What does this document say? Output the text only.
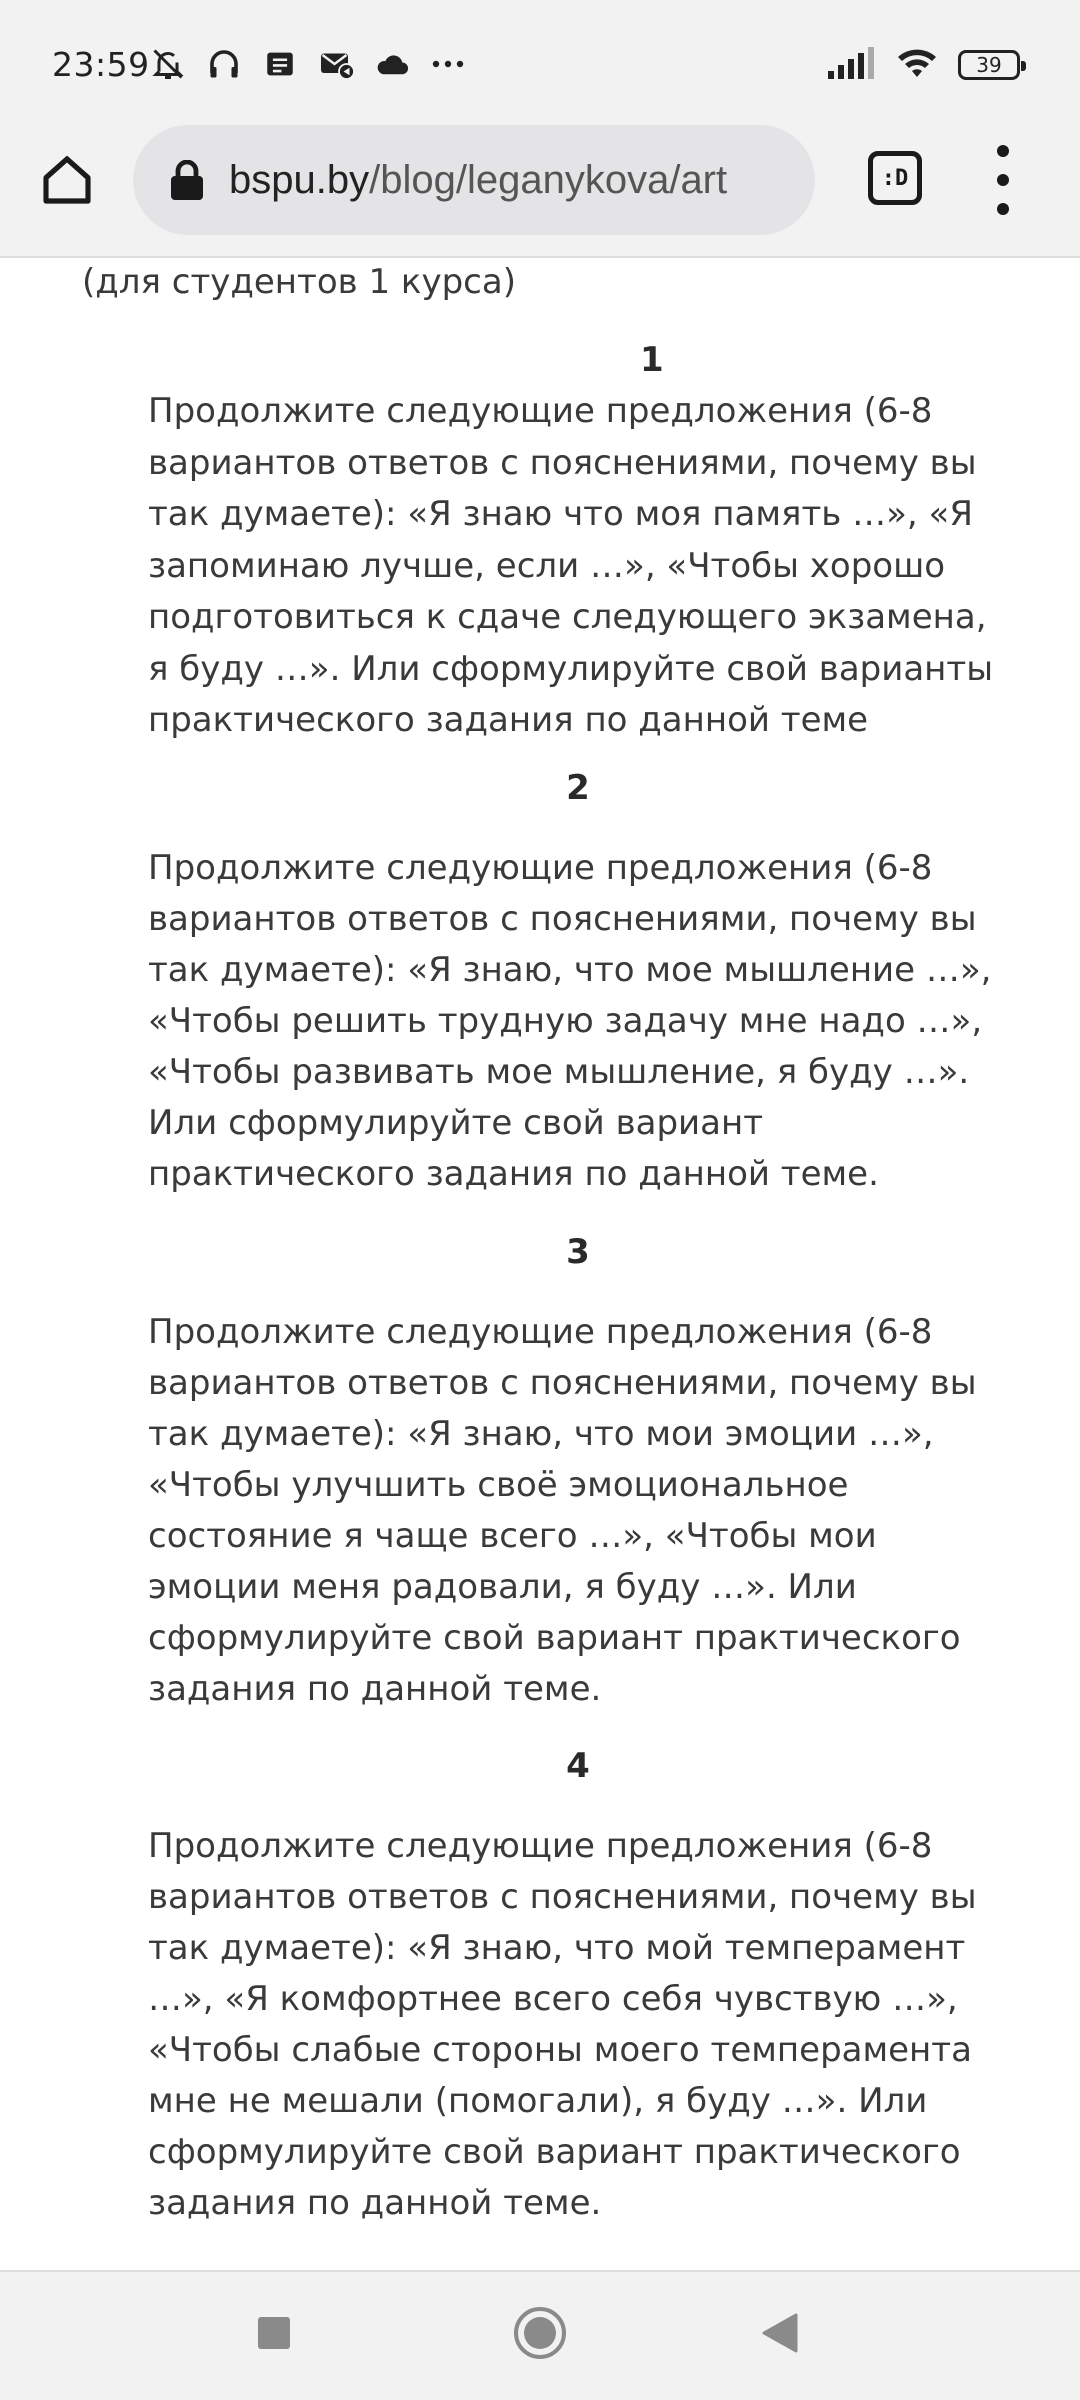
23:59	39
bspu.by/blog/leganykova/art	:D
(для студентов 1 курса)
1

Продолжите следующие предложения (6-8 вариантов ответов с пояснениями, почему вы так думаете): «Я знаю что моя память …», «Я запоминаю лучше, если …», «Чтобы хорошо подготовиться к сдаче следующего экзамена, я буду …». Или сформулируйте свой варианты практического задания по данной теме

2

Продолжите следующие предложения (6-8 вариантов ответов с пояснениями, почему вы так думаете): «Я знаю, что мое мышление …», «Чтобы решить трудную задачу мне надо …», «Чтобы развивать мое мышление, я буду …». Или сформулируйте свой вариант практического задания по данной теме.

3

Продолжите следующие предложения (6-8 вариантов ответов с пояснениями, почему вы так думаете): «Я знаю, что мои эмоции …», «Чтобы улучшить своё эмоциональное состояние я чаще всего …», «Чтобы мои эмоции меня радовали, я буду …». Или сформулируйте свой вариант практического задания по данной теме.

4

Продолжите следующие предложения (6-8 вариантов ответов с пояснениями, почему вы так думаете): «Я знаю, что мой темперамент …», «Я комфортнее всего себя чувствую …», «Чтобы слабые стороны моего темперамента мне не мешали (помогали), я буду …». Или сформулируйте свой вариант практического задания по данной теме.
